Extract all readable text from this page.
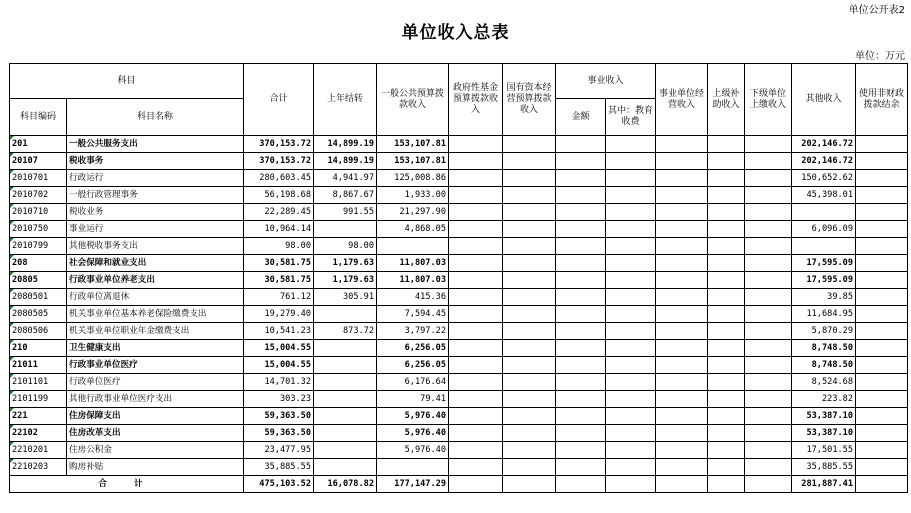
单位公开表2
单位收入总表
单位：万元
科目		合计	上年结转	一般公共预算拨款收入	政府性基金预算拨款收入	国有资本经营预算拨款收入	事业收入		事业单位经营收入	上级补助收入	下级单位上缴收入	其他收入	使用非财政拨款结余
科目编码	科目名称						金额	其中：教育收费					

201	一般公共服务支出	370,153.72	14,899.19	153,107.81								202,146.72	

20107	税收事务	370,153.72	14,899.19	153,107.81								202,146.72	

2010701	行政运行	280,603.45	4,941.97	125,008.86								150,652.62	

2010702	一般行政管理事务	56,198.68	8,867.67	1,933.00								45,398.01	

2010710	税收业务	22,289.45	991.55	21,297.90									

2010750	事业运行	10,964.14		4,868.05								6,096.09	

2010799	其他税收事务支出	98.00	98.00										

208	社会保障和就业支出	30,581.75	1,179.63	11,807.03								17,595.09	

20805	行政事业单位养老支出	30,581.75	1,179.63	11,807.03								17,595.09	

2080501	行政单位离退休	761.12	305.91	415.36								39.85	

2080505	机关事业单位基本养老保险缴费支出	19,279.40		7,594.45								11,684.95	

2080506	机关事业单位职业年金缴费支出	10,541.23	873.72	3,797.22								5,870.29	

210	卫生健康支出	15,004.55		6,256.05								8,748.50	

21011	行政事业单位医疗	15,004.55		6,256.05								8,748.50	

2101101	行政单位医疗	14,701.32		6,176.64								8,524.68	

2101199	其他行政事业单位医疗支出	303.23		79.41								223.82	

221	住房保障支出	59,363.50		5,976.40								53,387.10	

22102	住房改革支出	59,363.50		5,976.40								53,387.10	

2210201	住房公积金	23,477.95		5,976.40								17,501.55	

2210203	购房补贴	35,885.55										35,885.55	
合 计		475,103.52	16,078.82	177,147.29								281,887.41	
